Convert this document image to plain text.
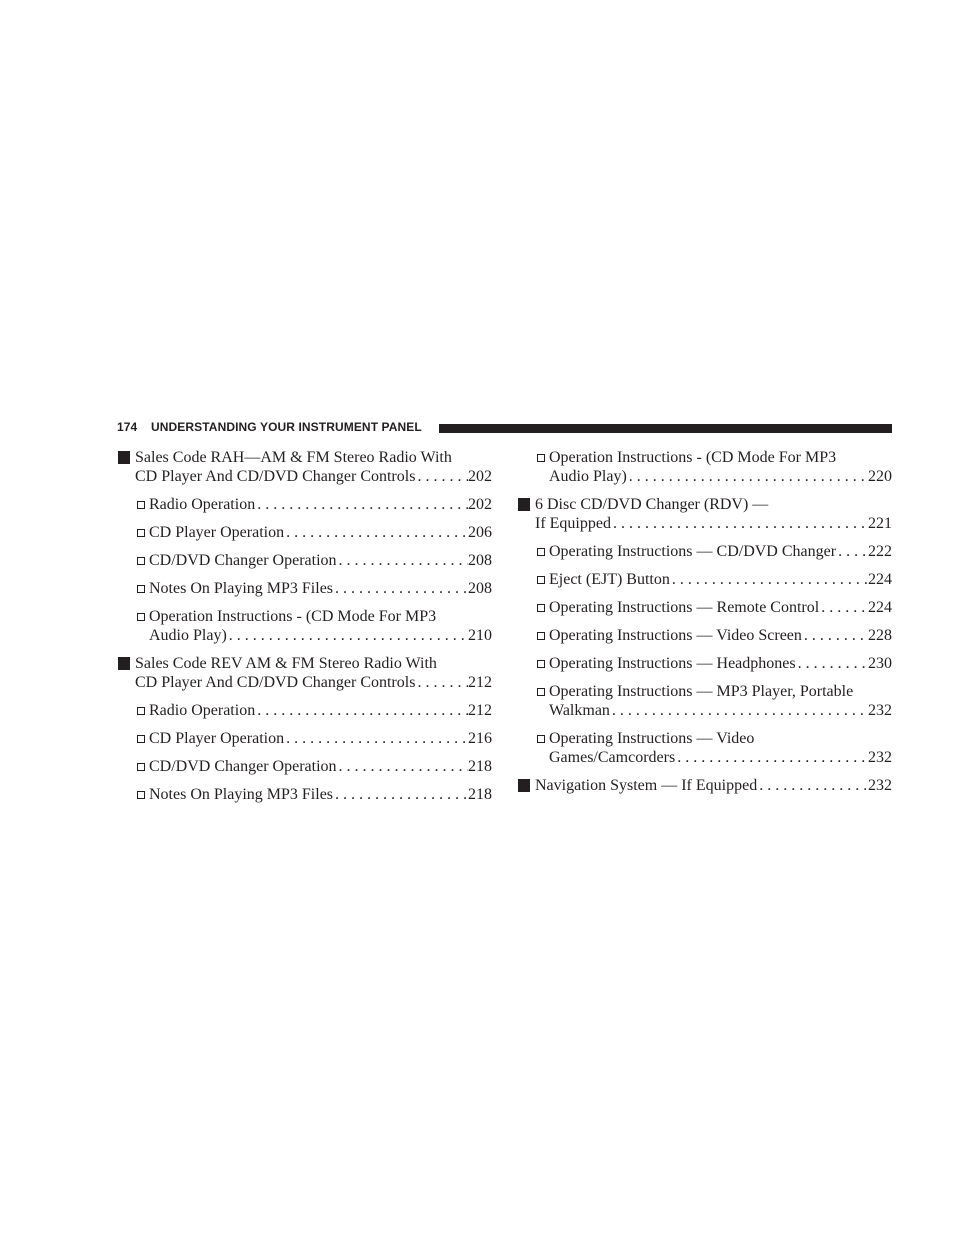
174 UNDERSTANDING YOUR INSTRUMENT PANEL
Sales Code RAH—AM & FM Stereo Radio With
CD Player And CD/DVD Changer Controls . . .	202
Radio Operation . . .	202
CD Player Operation . . .	206
CD/DVD Changer Operation . . .	208
Notes On Playing MP3 Files . . .	208
Operation Instructions - (CD Mode For MP3
Audio Play) . . .	210
Sales Code REV AM & FM Stereo Radio With
CD Player And CD/DVD Changer Controls . . .	212
Radio Operation . . .	212
CD Player Operation . . .	216
CD/DVD Changer Operation . . .	218
Notes On Playing MP3 Files . . .	218
Operation Instructions - (CD Mode For MP3
Audio Play) . . .	220
6 Disc CD/DVD Changer (RDV) —
If Equipped . . .	221
Operating Instructions — CD/DVD Changer . . . 222
Eject (EJT) Button . . .	224
Operating Instructions — Remote Control . . .	224
Operating Instructions — Video Screen . . .	228
Operating Instructions — Headphones . . .	230
Operating Instructions — MP3 Player, Portable
Walkman . . .	232
Operating Instructions — Video
Games/Camcorders . . .	232
Navigation System — If Equipped . . .	232
